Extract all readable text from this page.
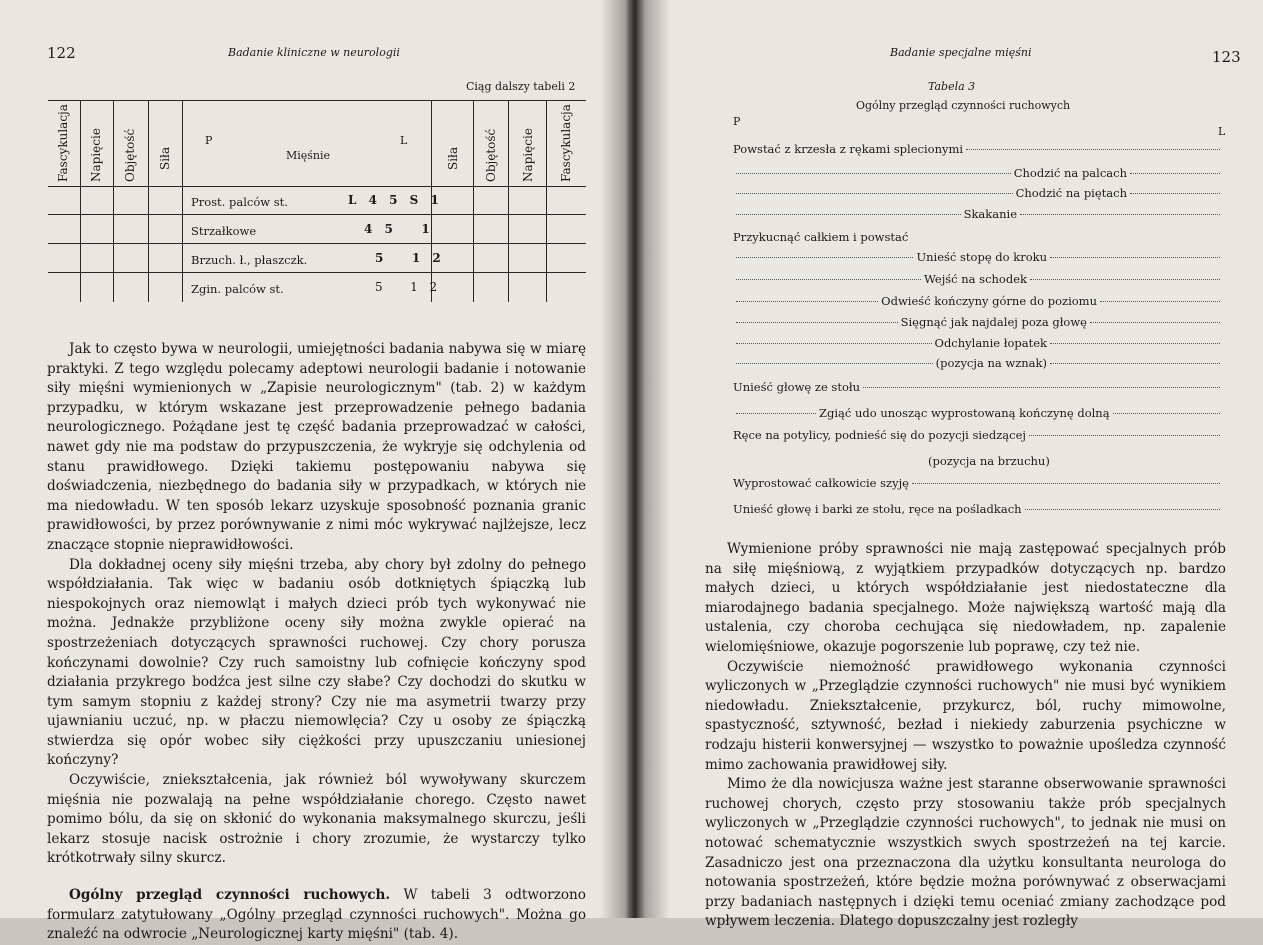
122	Badanie kliniczne w neurologii
Ciąg dalszy tabeli 2
Fascykulacja Napięcie Objętość Siła
P
Mięśnie
L
Siła Objętość Napięcie Fascykulacja
Prost. palców st.	L 4 5 S 1
Strzałkowe	4 5   1
Brzuch. ł., płaszczk.	5   1 2
Zgin. palców st.	5   1 2

Jak to często bywa w neurologii, umiejętności badania nabywa się w miarę praktyki. Z tego względu polecamy adeptowi neurologii badanie i notowanie siły mięśni wymienionych w „Zapisie neurologicznym" (tab. 2) w każdym przypadku, w którym wskazane jest przeprowadzenie pełnego badania neurologicznego. Pożądane jest tę część badania przeprowadzać w całości, nawet gdy nie ma podstaw do przypuszczenia, że wykryje się odchylenia od stanu prawidłowego. Dzięki takiemu postępowaniu nabywa się doświadczenia, niezbędnego do badania siły w przypadkach, w których nie ma niedowładu. W ten sposób lekarz uzyskuje sposobność poznania granic prawidłowości, by przez porównywanie z nimi móc wykrywać najlżejsze, lecz znaczące stopnie nieprawidłowości.

Dla dokładnej oceny siły mięśni trzeba, aby chory był zdolny do pełnego współdziałania. Tak więc w badaniu osób dotkniętych śpiączką lub niespokojnych oraz niemowląt i małych dzieci prób tych wykonywać nie można. Jednakże przybliżone oceny siły można zwykle opierać na spostrzeżeniach dotyczących sprawności ruchowej. Czy chory porusza kończynami dowolnie? Czy ruch samoistny lub cofnięcie kończyny spod działania przykrego bodźca jest silne czy słabe? Czy dochodzi do skutku w tym samym stopniu z każdej strony? Czy nie ma asymetrii twarzy przy ujawnianiu uczuć, np. w płaczu niemowlęcia? Czy u osoby ze śpiączką stwierdza się opór wobec siły ciężkości przy upuszczaniu uniesionej kończyny?

Oczywiście, zniekształcenia, jak również ból wywoływany skurczem mięśnia nie pozwalają na pełne współdziałanie chorego. Często nawet pomimo bólu, da się on skłonić do wykonania maksymalnego skurczu, jeśli lekarz stosuje nacisk ostrożnie i chory zrozumie, że wystarczy tylko krótkotrwały silny skurcz.

Ogólny przegląd czynności ruchowych. W tabeli 3 odtworzono formularz zatytułowany „Ogólny przegląd czynności ruchowych". Można go znaleźć na odwrocie „Neurologicznej karty mięśni" (tab. 4).

Badanie specjalne mięśni	123
Tabela 3
Ogólny przegląd czynności ruchowych
P
L
Powstać z krzesła z rękami splecionymi
Chodzić na palcach
Chodzić na piętach
Skakanie
Przykucnąć całkiem i powstać
Unieść stopę do kroku
Wejść na schodek
Odwieść kończyny górne do poziomu
Sięgnąć jak najdalej poza głowę
Odchylanie łopatek
(pozycja na wznak)
Unieść głowę ze stołu
Zgiąć udo unosząc wyprostowaną kończynę dolną
Ręce na potylicy, podnieść się do pozycji siedzącej
(pozycja na brzuchu)
Wyprostować całkowicie szyję
Unieść głowę i barki ze stołu, ręce na pośladkach

Wymienione próby sprawności nie mają zastępować specjalnych prób na siłę mięśniową, z wyjątkiem przypadków dotyczących np. bardzo małych dzieci, u których współdziałanie jest niedostateczne dla miarodajnego badania specjalnego. Może największą wartość mają dla ustalenia, czy choroba cechująca się niedowładem, np. zapalenie wielomięśniowe, okazuje pogorszenie lub poprawę, czy też nie.

Oczywiście niemożność prawidłowego wykonania czynności wyliczonych w „Przeglądzie czynności ruchowych" nie musi być wynikiem niedowładu. Zniekształcenie, przykurcz, ból, ruchy mimowolne, spastyczność, sztywność, bezład i niekiedy zaburzenia psychiczne w rodzaju histerii konwersyjnej — wszystko to poważnie upośledza czynność mimo zachowania prawidłowej siły.

Mimo że dla nowicjusza ważne jest staranne obserwowanie sprawności ruchowej chorych, często przy stosowaniu także prób specjalnych wyliczonych w „Przeglądzie czynności ruchowych", to jednak nie musi on notować schematycznie wszystkich swych spostrzeżeń na tej karcie. Zasadniczo jest ona przeznaczona dla użytku konsultanta neurologa do notowania spostrzeżeń, które będzie można porównywać z obserwacjami przy badaniach następnych i dzięki temu oceniać zmiany zachodzące pod wpływem leczenia. Dlatego dopuszczalny jest rozległy
